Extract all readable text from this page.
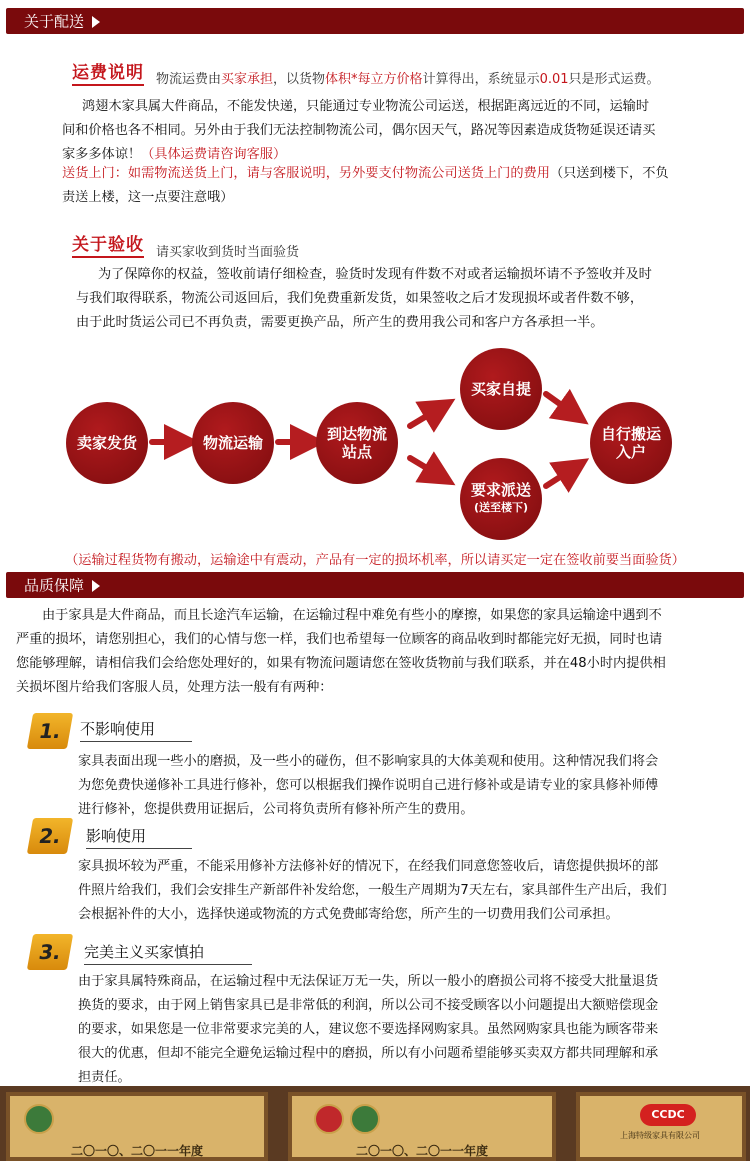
关于配送
运费说明 物流运费由买家承担，以货物体积*每立方价格计算得出，系统显示0.01只是形式运费。
鸿翅木家具属大件商品，不能发快递，只能通过专业物流公司运送，根据距离远近的不同，运输时
间和价格也各不相同。另外由于我们无法控制物流公司，偶尔因天气，路况等因素造成货物延误还请买
家多多体谅！（具体运费请咨询客服）
送货上门：如需物流送货上门，请与客服说明，另外要支付物流公司送货上门的费用（只送到楼下，不负
责送上楼，这一点要注意哦）
关于验收 请买家收到货时当面验货
为了保障你的权益，签收前请仔细检查，验货时发现有件数不对或者运输损坏请不予签收并及时
与我们取得联系，物流公司返回后，我们免费重新发货，如果签收之后才发现损坏或者件数不够，
由于此时货运公司已不再负责，需要更换产品，所产生的费用我公司和客户方各承担一半。
卖家发货	物流运输	到达物流
站点
买家自提
要求派送
(送至楼下)
自行搬运
入户
（运输过程货物有搬动，运输途中有震动，产品有一定的损坏机率，所以请买定一定在签收前要当面验货）
品质保障
由于家具是大件商品，而且长途汽车运输，在运输过程中难免有些小的摩擦，如果您的家具运输途中遇到不
严重的损坏，请您别担心，我们的心情与您一样，我们也希望每一位顾客的商品收到时都能完好无损，同时也请
您能够理解，请相信我们会给您处理好的，如果有物流问题请您在签收货物前与我们联系，并在48小时内提供相
关损坏图片给我们客服人员，处理方法一般有有两种：
1.	不影响使用
家具表面出现一些小的磨损，及一些小的碰伤，但不影响家具的大体美观和使用。这种情况我们将会
为您免费快递修补工具进行修补，您可以根据我们操作说明自己进行修补或是请专业的家具修补师傅
进行修补，您提供费用证据后，公司将负责所有修补所产生的费用。
2.	影响使用
家具损坏较为严重，不能采用修补方法修补好的情况下，在经我们同意您签收后，请您提供损坏的部
件照片给我们，我们会安排生产新部件补发给您，一般生产周期为7天左右，家具部件生产出后，我们
会根据补件的大小，选择快递或物流的方式免费邮寄给您，所产生的一切费用我们公司承担。
3.	完美主义买家慎拍
由于家具属特殊商品，在运输过程中无法保证万无一失，所以一般小的磨损公司将不接受大批量退货
换货的要求，由于网上销售家具已是非常低的利润，所以公司不接受顾客以小问题提出大额赔偿现金
的要求，如果您是一位非常要求完美的人，建议您不要选择网购家具。虽然网购家具也能为顾客带来
很大的优惠，但却不能完全避免运输过程中的磨损，所以有小问题希望能够买卖双方都共同理解和承
担责任。
二〇一〇、二〇一一年度	二〇一〇、二〇一一年度
CCDC
上海特级家具有限公司
